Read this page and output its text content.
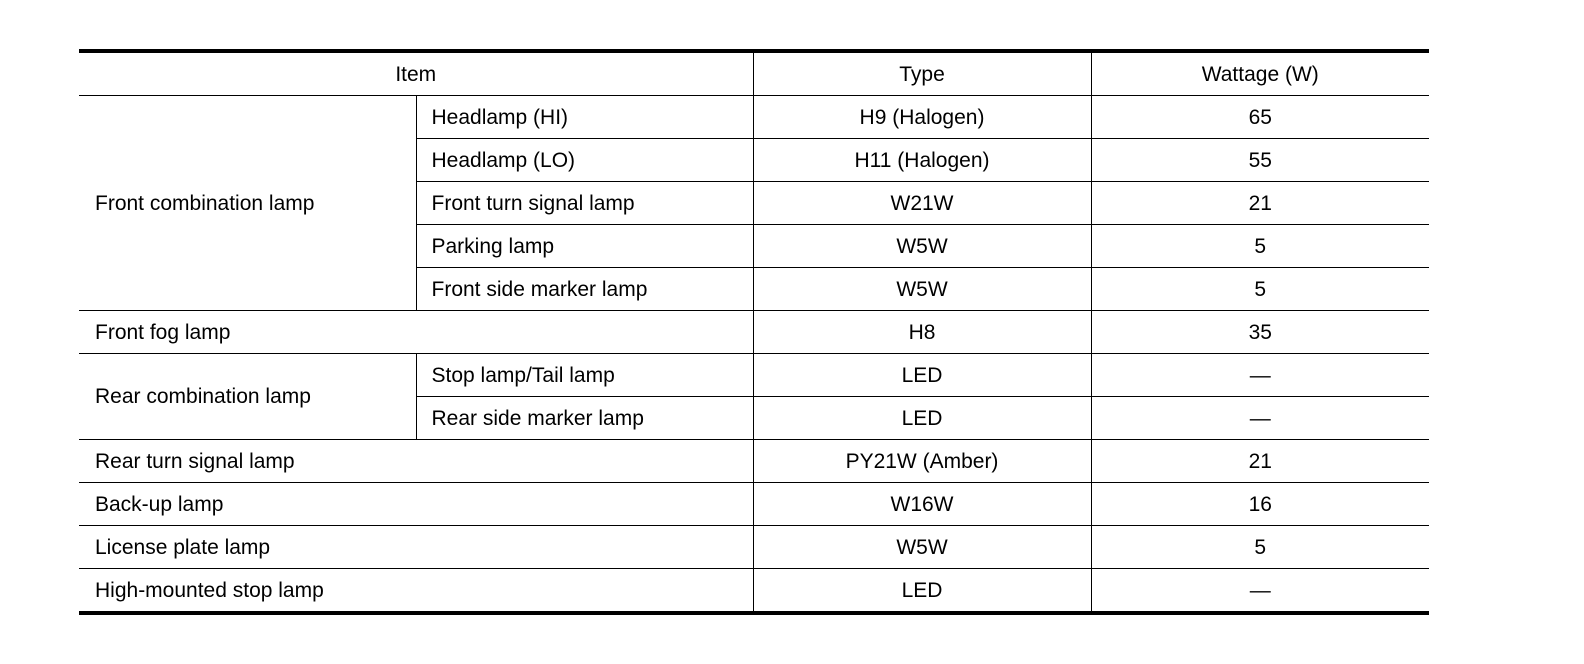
Item		Type	Wattage (W)
Front combination lamp	Headlamp (HI)	H9 (Halogen)	65
	Headlamp (LO)	H11 (Halogen)	55
	Front turn signal lamp	W21W	21
	Parking lamp	W5W	5
	Front side marker lamp	W5W	5
Front fog lamp		H8	35
Rear combination lamp	Stop lamp/Tail lamp	LED	—
	Rear side marker lamp	LED	—
Rear turn signal lamp		PY21W (Amber)	21
Back-up lamp		W16W	16
License plate lamp		W5W	5
High-mounted stop lamp		LED	—
